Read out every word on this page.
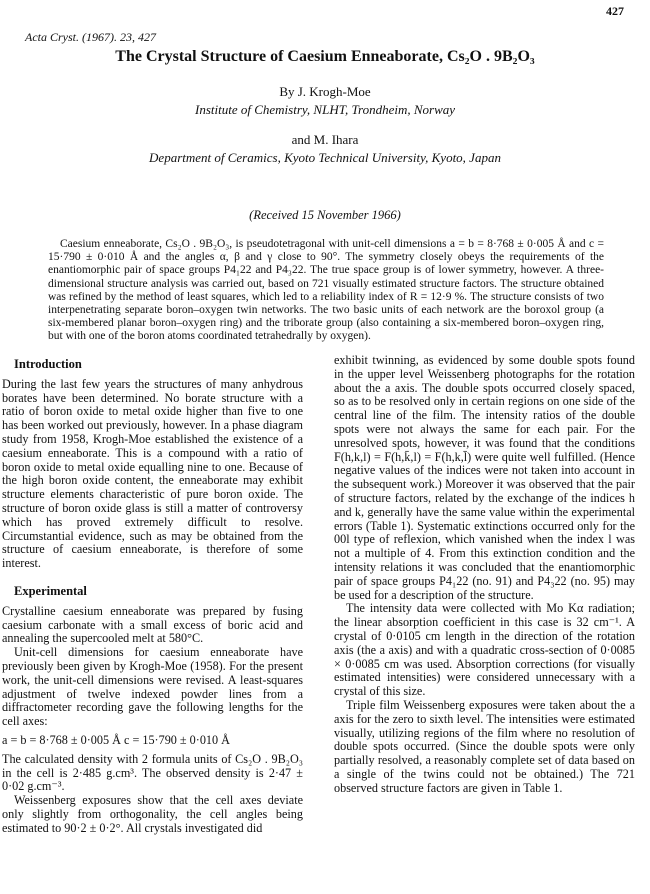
427
Acta Cryst. (1967). 23, 427
The Crystal Structure of Caesium Enneaborate, Cs₂O . 9B₂O₃
By J. Krogh-Moe
Institute of Chemistry, NLHT, Trondheim, Norway
and M. Ihara
Department of Ceramics, Kyoto Technical University, Kyoto, Japan
(Received 15 November 1966)

Caesium enneaborate, Cs₂O . 9B₂O₃, is pseudotetragonal with unit-cell dimensions a = b = 8·768 ± 0·005 Å and c = 15·790 ± 0·010 Å and the angles α, β and γ close to 90°. The symmetry closely obeys the requirements of the enantiomorphic pair of space groups P4₁22 and P4₃22. The true space group is of lower symmetry, however. A three-dimensional structure analysis was carried out, based on 721 visually estimated structure factors. The structure obtained was refined by the method of least squares, which led to a reliability index of R = 12·9 %. The structure consists of two interpenetrating separate boron–oxygen twin networks. The two basic units of each network are the boroxol group (a six-membered planar boron–oxygen ring) and the triborate group (also containing a six-membered boron–oxygen ring, but with one of the boron atoms coordinated tetrahedrally by oxygen).

Introduction

During the last few years the structures of many anhydrous borates have been determined. No borate structure with a ratio of boron oxide to metal oxide higher than five to one has been worked out previously, however. In a phase diagram study from 1958, Krogh-Moe established the existence of a caesium enneaborate. This is a compound with a ratio of boron oxide to metal oxide equalling nine to one. Because of the high boron oxide content, the enneaborate may exhibit structure elements characteristic of pure boron oxide. The structure of boron oxide glass is still a matter of controversy which has proved extremely difficult to resolve. Circumstantial evidence, such as may be obtained from the structure of caesium enneaborate, is therefore of some interest.

Experimental

Crystalline caesium enneaborate was prepared by fusing caesium carbonate with a small excess of boric acid and annealing the supercooled melt at 580°C.

Unit-cell dimensions for caesium enneaborate have previously been given by Krogh-Moe (1958). For the present work, the unit-cell dimensions were revised. A least-squares adjustment of twelve indexed powder lines from a diffractometer recording gave the following lengths for the cell axes:

a = b = 8·768 ± 0·005 Å c = 15·790 ± 0·010 Å

The calculated density with 2 formula units of Cs₂O . 9B₂O₃ in the cell is 2·485 g.cm³. The observed density is 2·47 ± 0·02 g.cm⁻³.

Weissenberg exposures show that the cell axes deviate only slightly from orthogonality, the cell angles being estimated to 90·2 ± 0·2°. All crystals investigated did

exhibit twinning, as evidenced by some double spots found in the upper level Weissenberg photographs for the rotation about the a axis. The double spots occurred closely spaced, so as to be resolved only in certain regions on one side of the central line of the film. The intensity ratios of the double spots were not always the same for each pair. For the unresolved spots, however, it was found that the conditions F(h,k,l) = F(h,k̄,l) = F(h,k,l̄) were quite well fulfilled. (Hence negative values of the indices were not taken into account in the subsequent work.) Moreover it was observed that the pair of structure factors, related by the exchange of the indices h and k, generally have the same value within the experimental errors (Table 1). Systematic extinctions occurred only for the 00l type of reflexion, which vanished when the index l was not a multiple of 4. From this extinction condition and the intensity relations it was concluded that the enantiomorphic pair of space groups P4₁22 (no. 91) and P4₃22 (no. 95) may be used for a description of the structure.

The intensity data were collected with Mo Kα radiation; the linear absorption coefficient in this case is 32 cm⁻¹. A crystal of 0·0105 cm length in the direction of the rotation axis (the a axis) and with a quadratic cross-section of 0·0085 × 0·0085 cm was used. Absorption corrections (for visually estimated intensities) were considered unnecessary with a crystal of this size.

Triple film Weissenberg exposures were taken about the a axis for the zero to sixth level. The intensities were estimated visually, utilizing regions of the film where no resolution of double spots occurred. (Since the double spots were only partially resolved, a reasonably complete set of data based on a single of the twins could not be obtained.) The 721 observed structure factors are given in Table 1.
